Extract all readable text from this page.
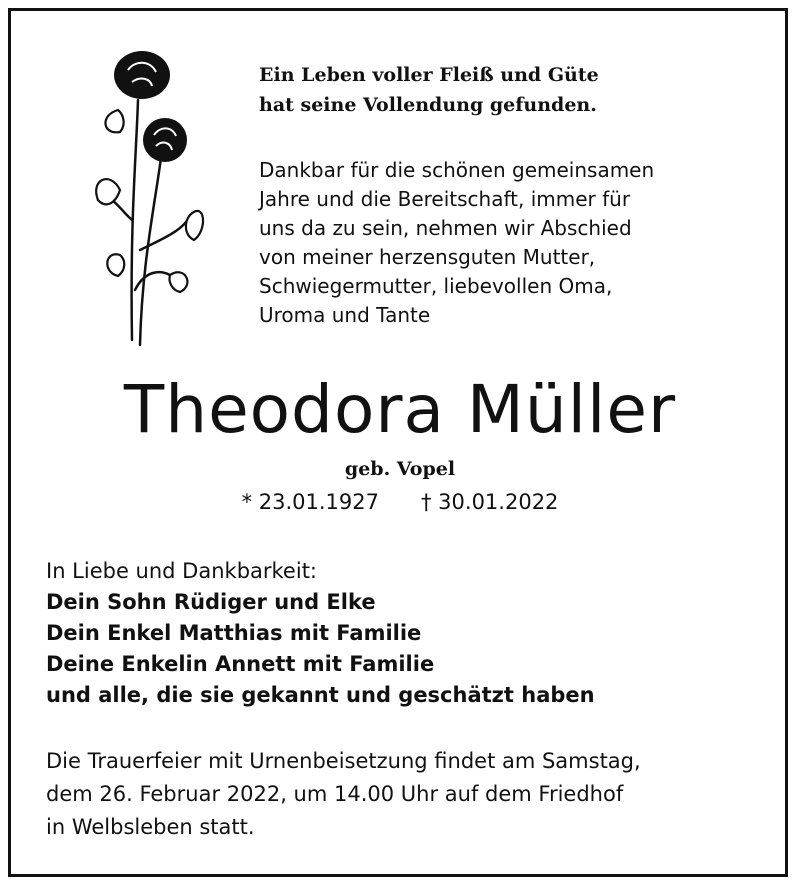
Ein Leben voller Fleiß und Güte
hat seine Vollendung gefunden.
Dankbar für die schönen gemeinsamen
Jahre und die Bereitschaft, immer für
uns da zu sein, nehmen wir Abschied
von meiner herzensguten Mutter,
Schwiegermutter, liebevollen Oma,
Uroma und Tante
Theodora Müller
geb. Vopel
* 23.01.1927 † 30.01.2022
In Liebe und Dankbarkeit:
Dein Sohn Rüdiger und Elke
Dein Enkel Matthias mit Familie
Deine Enkelin Annett mit Familie
und alle, die sie gekannt und geschätzt haben
Die Trauerfeier mit Urnenbeisetzung findet am Samstag,
dem 26. Februar 2022, um 14.00 Uhr auf dem Friedhof
in Welbsleben statt.
